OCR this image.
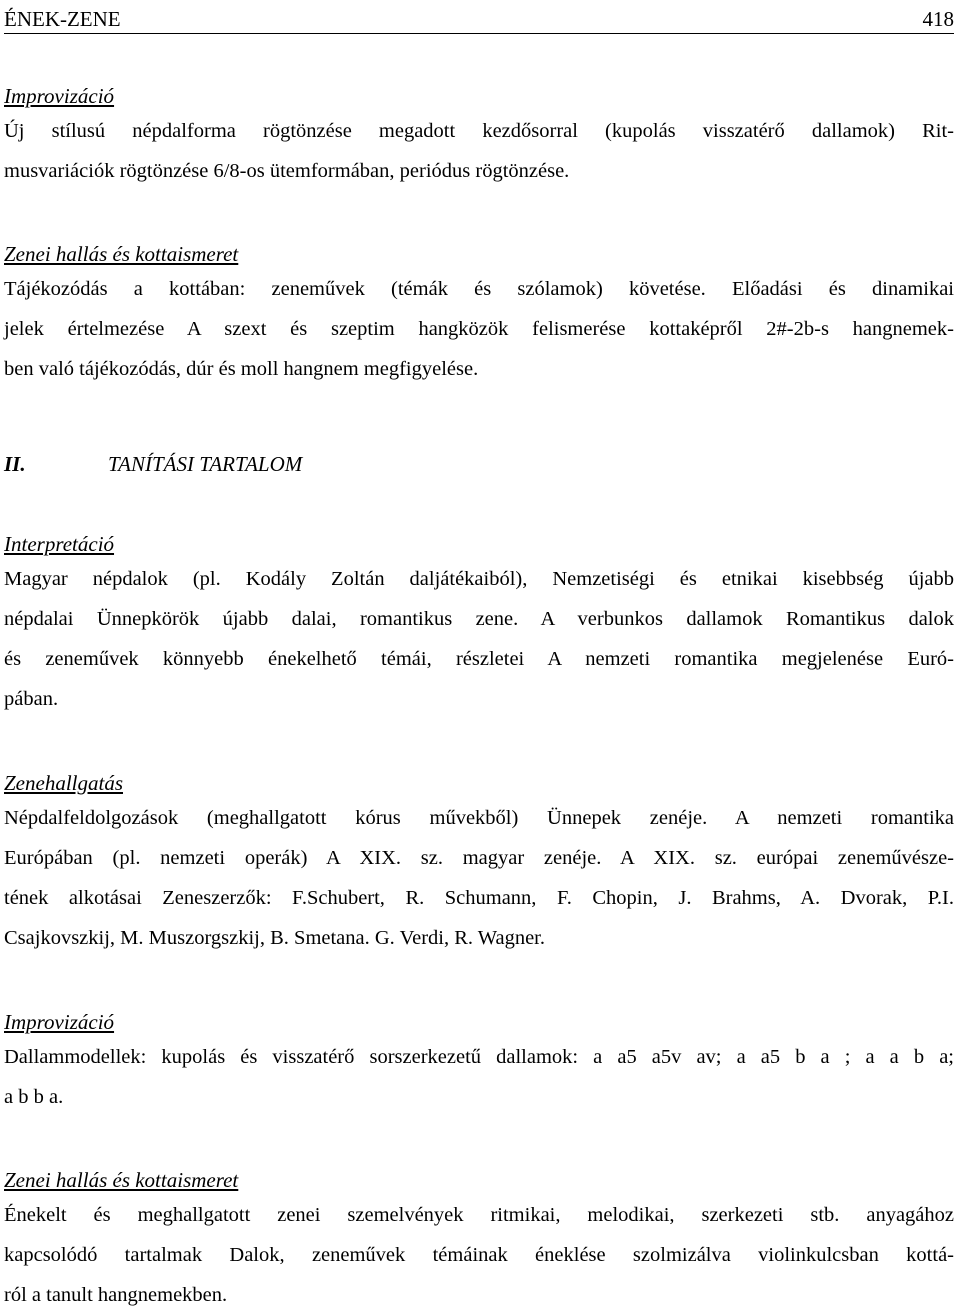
ÉNEK-ZENE	418

Improvizáció

Új stílusú népdalforma rögtönzése megadott kezdősorral (kupolás visszatérő dallamok) Rit-
musvariációk rögtönzése 6/8-os ütemformában, periódus rögtönzése.

Zenei hallás és kottaismeret

Tájékozódás a kottában: zeneművek (témák és szólamok) követése. Előadási és dinamikai
jelek értelmezése A szext és szeptim hangközök felismerése kottaképről 2#-2b-s hangnemek-
ben való tájékozódás, dúr és moll hangnem megfigyelése.
II.	TANÍTÁSI TARTALOM

Interpretáció

Magyar népdalok (pl. Kodály Zoltán daljátékaiból), Nemzetiségi és etnikai kisebbség újabb
népdalai Ünnepkörök újabb dalai, romantikus zene. A verbunkos dallamok Romantikus dalok
és zeneművek könnyebb énekelhető témái, részletei A nemzeti romantika megjelenése Euró-
pában.

Zenehallgatás

Népdalfeldolgozások (meghallgatott kórus művekből) Ünnepek zenéje. A nemzeti romantika
Európában (pl. nemzeti operák) A XIX. sz. magyar zenéje. A XIX. sz. európai zeneművésze-
tének alkotásai Zeneszerzők: F.Schubert, R. Schumann, F. Chopin, J. Brahms, A. Dvorak, P.I.
Csajkovszkij, M. Muszorgszkij, B. Smetana. G. Verdi, R. Wagner.

Improvizáció

Dallammodellek: kupolás és visszatérő sorszerkezetű dallamok: a a5 a5v av; a a5 b a ; a a b a;
a b b a.

Zenei hallás és kottaismeret

Énekelt és meghallgatott zenei szemelvények ritmikai, melodikai, szerkezeti stb. anyagához
kapcsolódó tartalmak Dalok, zeneművek témáinak éneklése szolmizálva violinkulcsban kottá-
ról a tanult hangnemekben.
